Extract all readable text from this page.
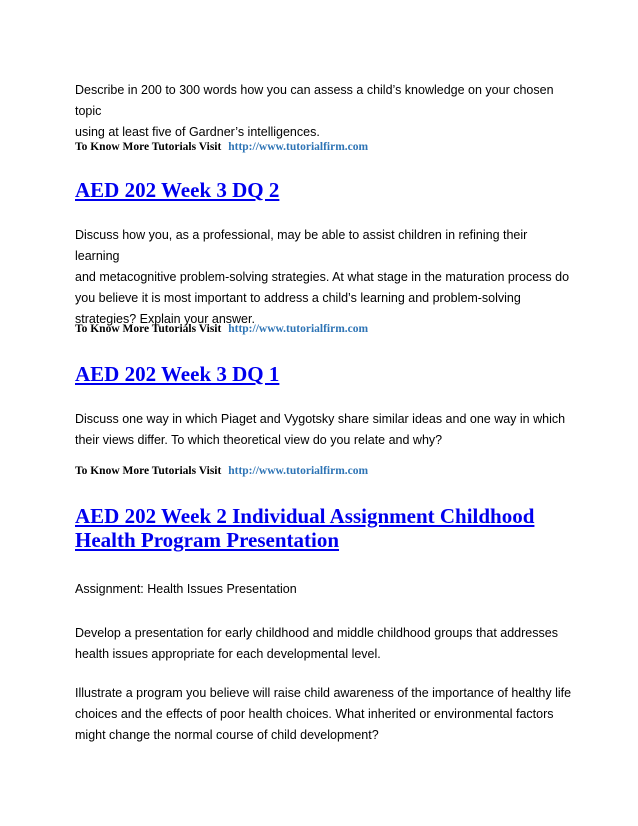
Describe in 200 to 300 words how you can assess a child’s knowledge on your chosen topic
using at least five of Gardner’s intelligences.
To Know More Tutorials Visit http://www.tutorialfirm.com
AED 202 Week 3 DQ 2
Discuss how you, as a professional, may be able to assist children in refining their learning
and metacognitive problem-solving strategies. At what stage in the maturation process do
you believe it is most important to address a child’s learning and problem-solving
strategies? Explain your answer.
To Know More Tutorials Visit http://www.tutorialfirm.com
AED 202 Week 3 DQ 1
Discuss one way in which Piaget and Vygotsky share similar ideas and one way in which
their views differ. To which theoretical view do you relate and why?
To Know More Tutorials Visit http://www.tutorialfirm.com
AED 202 Week 2 Individual Assignment Childhood
Health Program Presentation
Assignment: Health Issues Presentation
Develop a presentation for early childhood and middle childhood groups that addresses
health issues appropriate for each developmental level.
Illustrate a program you believe will raise child awareness of the importance of healthy life
choices and the effects of poor health choices. What inherited or environmental factors
might change the normal course of child development?
